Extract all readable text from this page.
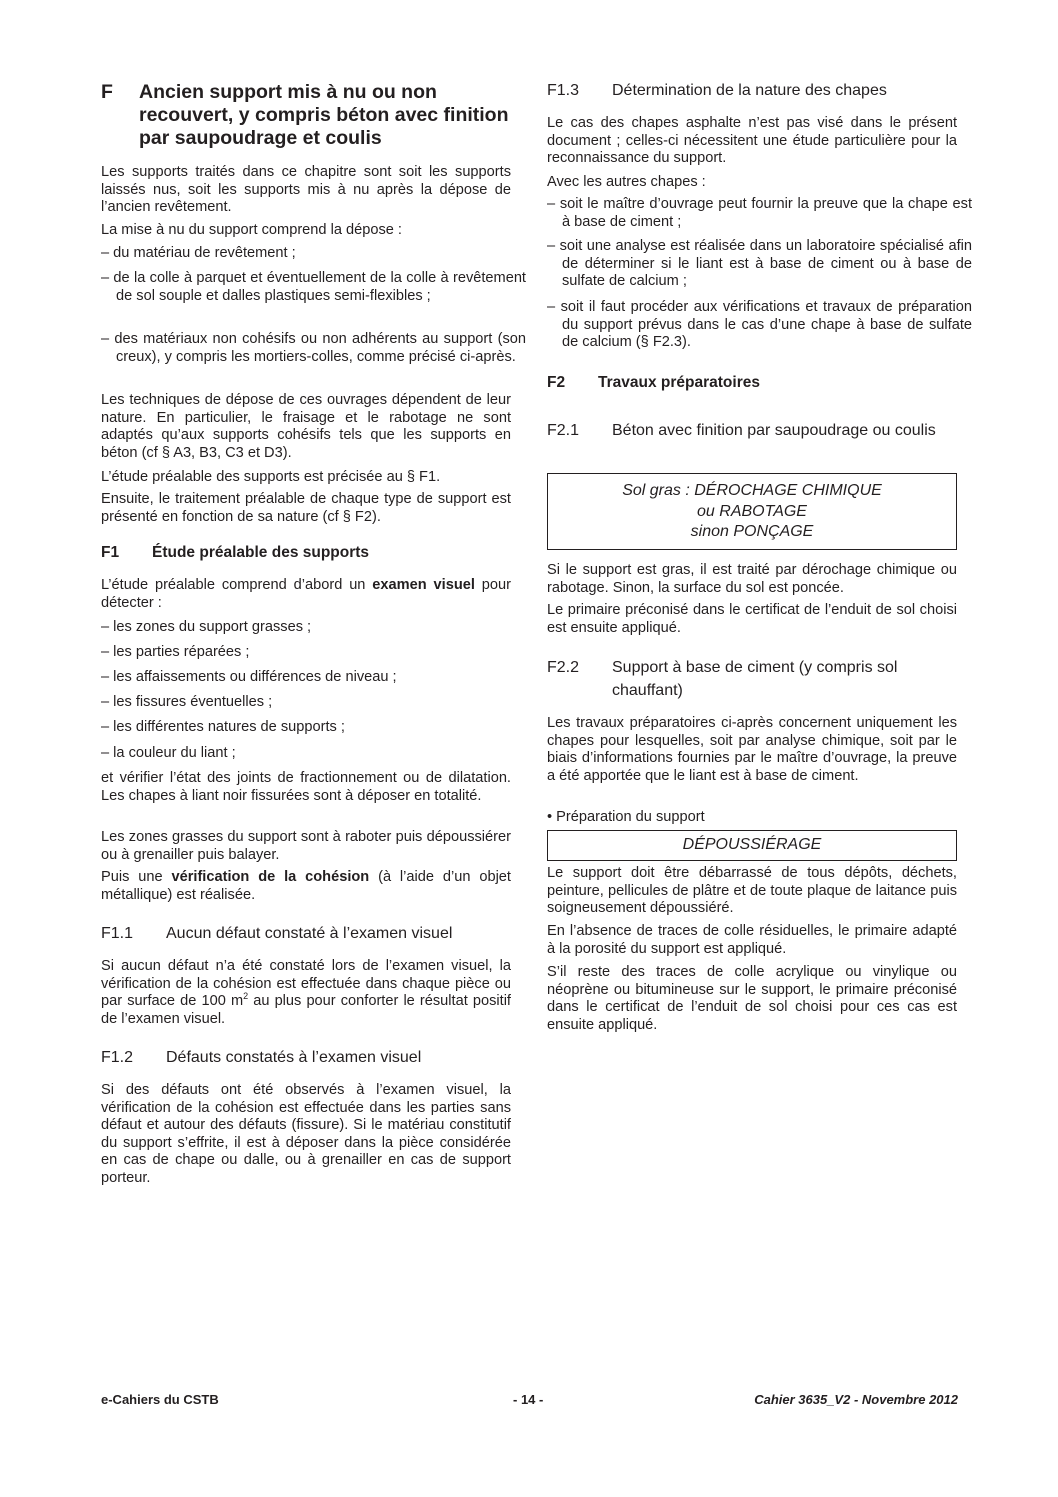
F	Ancien support mis à nu ou non recouvert, y compris béton avec finition par saupoudrage et coulis

Les supports traités dans ce chapitre sont soit les supports laissés nus, soit les supports mis à nu après la dépose de l’ancien revêtement.

La mise à nu du support comprend la dépose :

– du matériau de revêtement ;

– de la colle à parquet et éventuellement de la colle à revêtement de sol souple et dalles plastiques semi-flexibles ;

– des matériaux non cohésifs ou non adhérents au support (son creux), y compris les mortiers-colles, comme précisé ci-après.

Les techniques de dépose de ces ouvrages dépendent de leur nature. En particulier, le fraisage et le rabotage ne sont adaptés qu’aux supports cohésifs tels que les supports en béton (cf § A3, B3, C3 et D3).

L’étude préalable des supports est précisée au § F1.

Ensuite, le traitement préalable de chaque type de support est présenté en fonction de sa nature (cf § F2).

F1	Étude préalable des supports

L’étude préalable comprend d’abord un examen visuel pour détecter :

– les zones du support grasses ;

– les parties réparées ;

– les affaissements ou différences de niveau ;

– les fissures éventuelles ;

– les différentes natures de supports ;

– la couleur du liant ;

et vérifier l’état des joints de fractionnement ou de dilatation. Les chapes à liant noir fissurées sont à déposer en totalité.

Les zones grasses du support sont à raboter puis dépoussiérer ou à grenailler puis balayer.

Puis une vérification de la cohésion (à l’aide d’un objet métallique) est réalisée.

F1.1	Aucun défaut constaté à l’examen visuel

Si aucun défaut n’a été constaté lors de l’examen visuel, la vérification de la cohésion est effectuée dans chaque pièce ou par surface de 100 $m^2$ au plus pour conforter le résultat positif de l’examen visuel.

F1.2	Défauts constatés à l’examen visuel

Si des défauts ont été observés à l’examen visuel, la vérification de la cohésion est effectuée dans les parties sans défaut et autour des défauts (fissure). Si le matériau constitutif du support s’effrite, il est à déposer dans la pièce considérée en cas de chape ou dalle, ou à grenailler en cas de support porteur.

F1.3	Détermination de la nature des chapes

Le cas des chapes asphalte n’est pas visé dans le présent document ; celles-ci nécessitent une étude particulière pour la reconnaissance du support.

Avec les autres chapes :

– soit le maître d’ouvrage peut fournir la preuve que la chape est à base de ciment ;

– soit une analyse est réalisée dans un laboratoire spécialisé afin de déterminer si le liant est à base de ciment ou à base de sulfate de calcium ;

– soit il faut procéder aux vérifications et travaux de préparation du support prévus dans le cas d’une chape à base de sulfate de calcium (§ F2.3).

F2	Travaux préparatoires
F2.1	Béton avec finition par saupoudrage ou coulis
Sol gras : DÉROCHAGE CHIMIQUE
ou RABOTAGE
sinon PONÇAGE

Si le support est gras, il est traité par dérochage chimique ou rabotage. Sinon, la surface du sol est poncée.

Le primaire préconisé dans le certificat de l’enduit de sol choisi est ensuite appliqué.

F2.2	Support à base de ciment (y compris sol chauffant)

Les travaux préparatoires ci-après concernent uniquement les chapes pour lesquelles, soit par analyse chimique, soit par le biais d’informations fournies par le maître d’ouvrage, la preuve a été apportée que le liant est à base de ciment.

• Préparation du support

DÉPOUSSIÉRAGE

Le support doit être débarrassé de tous dépôts, déchets, peinture, pellicules de plâtre et de toute plaque de laitance puis soigneusement dépoussiéré.

En l’absence de traces de colle résiduelles, le primaire adapté à la porosité du support est appliqué.

S’il reste des traces de colle acrylique ou vinylique ou néoprène ou bitumineuse sur le support, le primaire préconisé dans le certificat de l’enduit de sol choisi pour ces cas est ensuite appliqué.

e-Cahiers du CSTB	- 14 -	Cahier 3635_V2 - Novembre 2012
